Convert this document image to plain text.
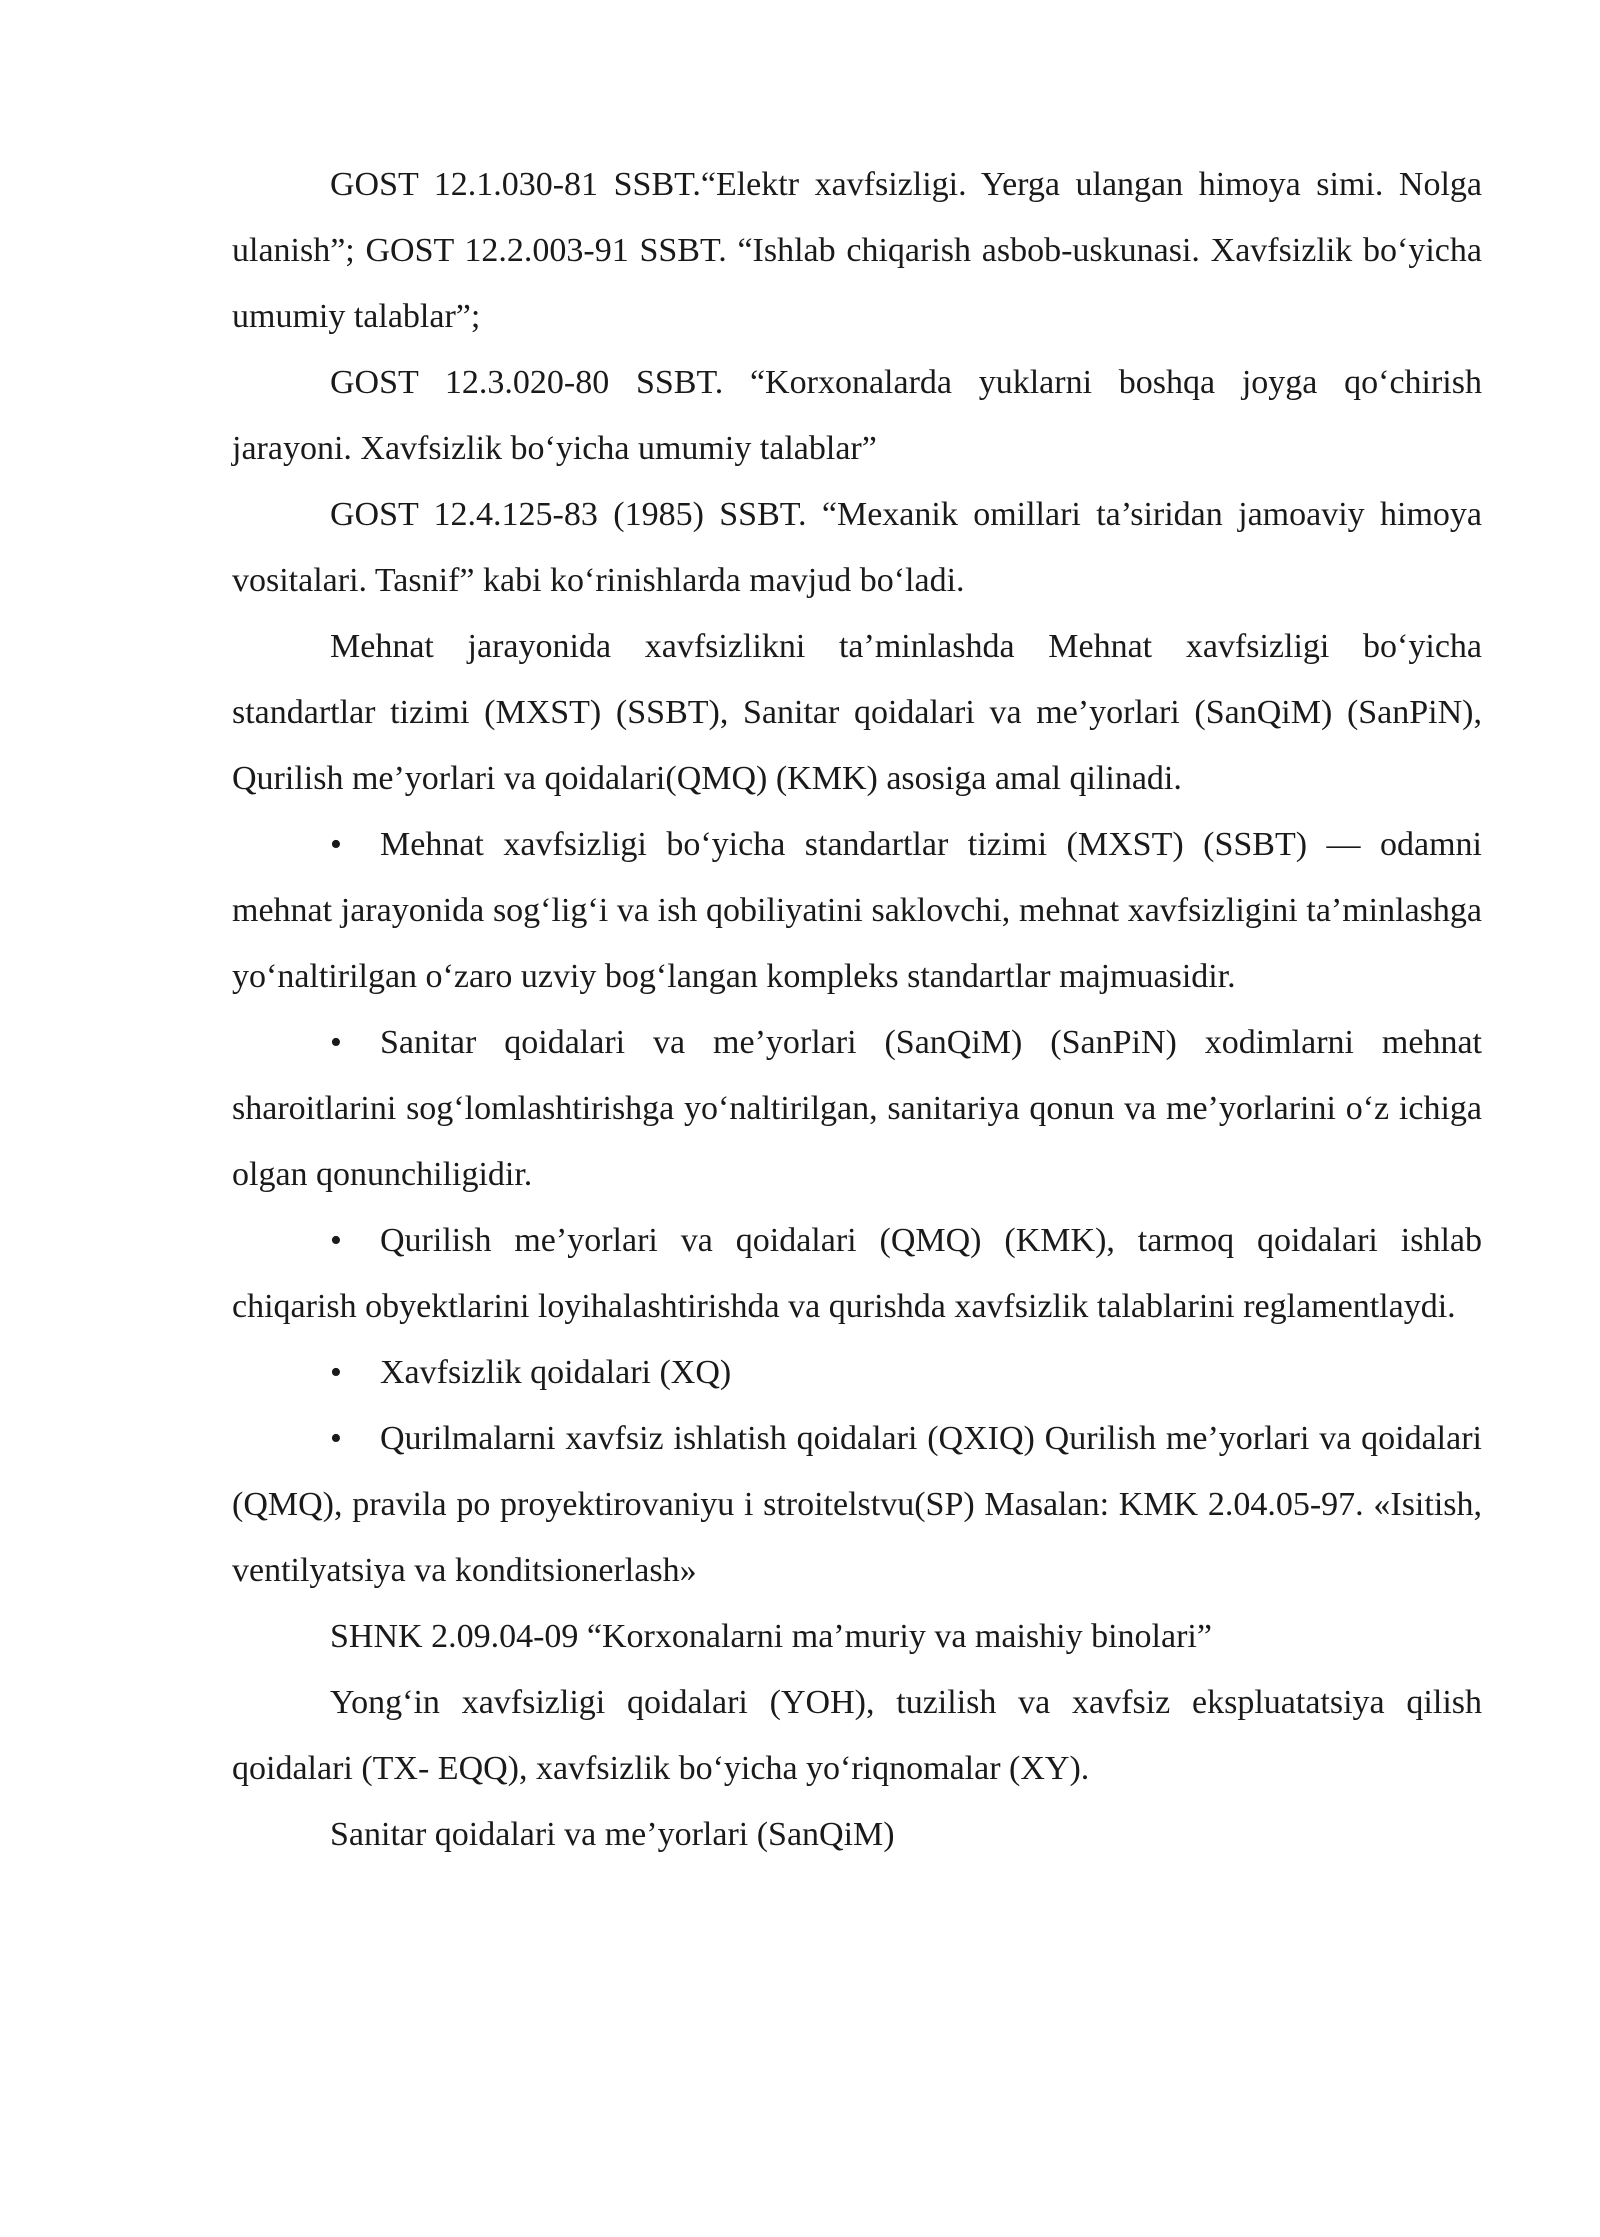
GOST 12.1.030-81 SSBT.“Elektr xavfsizligi. Yerga ulangan himoya simi. Nolga ulanish”; GOST 12.2.003-91 SSBT. “Ishlab chiqarish asbob-uskunasi. Xavfsizlik bo‘yicha umumiy talablar”;

GOST 12.3.020-80 SSBT. “Korxonalarda yuklarni boshqa joyga qo‘chirish jarayoni. Xavfsizlik bo‘yicha umumiy talablar”

GOST 12.4.125-83 (1985) SSBT. “Mexanik omillari ta’siridan jamoaviy himoya vositalari. Tasnif” kabi ko‘rinishlarda mavjud bo‘ladi.

Mehnat jarayonida xavfsizlikni ta’minlashda Mehnat xavfsizligi bo‘yicha standartlar tizimi (MXST) (SSBT), Sanitar qoidalari va me’yorlari (SanQiM) (SanPiN), Qurilish me’yorlari va qoidalari(QMQ) (KMK) asosiga amal qilinadi.

• Mehnat xavfsizligi bo‘yicha standartlar tizimi (MXST) (SSBT) — odamni mehnat jarayonida sog‘lig‘i va ish qobiliyatini saklovchi, mehnat xavfsizligini ta’minlashga yo‘naltirilgan o‘zaro uzviy bog‘langan kompleks standartlar majmuasidir.

• Sanitar qoidalari va me’yorlari (SanQiM) (SanPiN) xodimlarni mehnat sharoitlarini sog‘lomlashtirishga yo‘naltirilgan, sanitariya qonun va me’yorlarini o‘z ichiga olgan qonunchiligidir.

• Qurilish me’yorlari va qoidalari (QMQ) (KMK), tarmoq qoidalari ishlab chiqarish obyektlarini loyihalashtirishda va qurishda xavfsizlik talablarini reglamentlaydi.

• Xavfsizlik qoidalari (XQ)

• Qurilmalarni xavfsiz ishlatish qoidalari (QXIQ) Qurilish me’yorlari va qoidalari (QMQ), pravila po proyektirovaniyu i stroitelstvu(SP) Masalan: KMK 2.04.05-97. «Isitish, ventilyatsiya va konditsionerlash»

SHNK 2.09.04-09 “Korxonalarni ma’muriy va maishiy binolari”

Yong‘in xavfsizligi qoidalari (YOH), tuzilish va xavfsiz ekspluatatsiya qilish qoidalari (TX- EQQ), xavfsizlik bo‘yicha yo‘riqnomalar (XY).

Sanitar qoidalari va me’yorlari (SanQiM)
